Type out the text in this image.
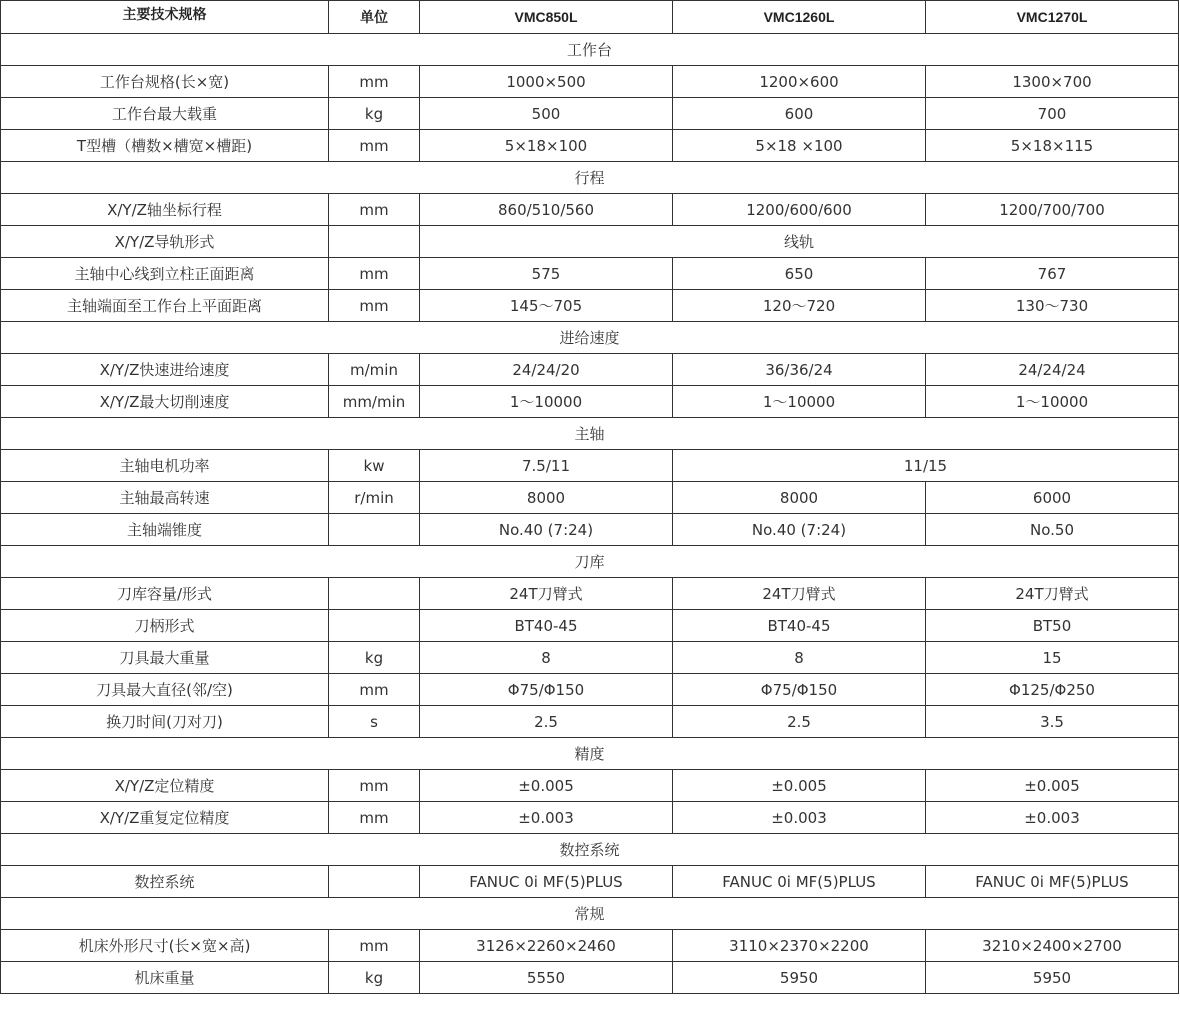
主要技术规格	单位	VMC850L	VMC1260L	VMC1270L
工作台				
工作台规格(长×宽)	mm	1000×500	1200×600	1300×700
工作台最大载重	kg	500	600	700
T型槽（槽数×槽宽×槽距)	mm	5×18×100	5×18 ×100	5×18×115
行程				
X/Y/Z轴坐标行程	mm	860/510/560	1200/600/600	1200/700/700
X/Y/Z导轨形式		线轨		
主轴中心线到立柱正面距离	mm	575	650	767
主轴端面至工作台上平面距离	mm	145～705	120～720	130～730
进给速度				
X/Y/Z快速进给速度	m/min	24/24/20	36/36/24	24/24/24
X/Y/Z最大切削速度	mm/min	1～10000	1～10000	1～10000
主轴				
主轴电机功率	kw	7.5/11	11/15	
主轴最高转速	r/min	8000	8000	6000
主轴端锥度		No.40 (7:24)	No.40 (7:24)	No.50
刀库				
刀库容量/形式		24T刀臂式	24T刀臂式	24T刀臂式
刀柄形式		BT40-45	BT40-45	BT50
刀具最大重量	kg	8	8	15
刀具最大直径(邻/空)	mm	Φ75/Φ150	Φ75/Φ150	Φ125/Φ250
换刀时间(刀对刀)	s	2.5	2.5	3.5
精度				
X/Y/Z定位精度	mm	±0.005	±0.005	±0.005
X/Y/Z重复定位精度	mm	±0.003	±0.003	±0.003
数控系统				
数控系统		FANUC 0i MF(5)PLUS	FANUC 0i MF(5)PLUS	FANUC 0i MF(5)PLUS
常规				
机床外形尺寸(长×宽×高)	mm	3126×2260×2460	3110×2370×2200	3210×2400×2700
机床重量	kg	5550	5950	5950
